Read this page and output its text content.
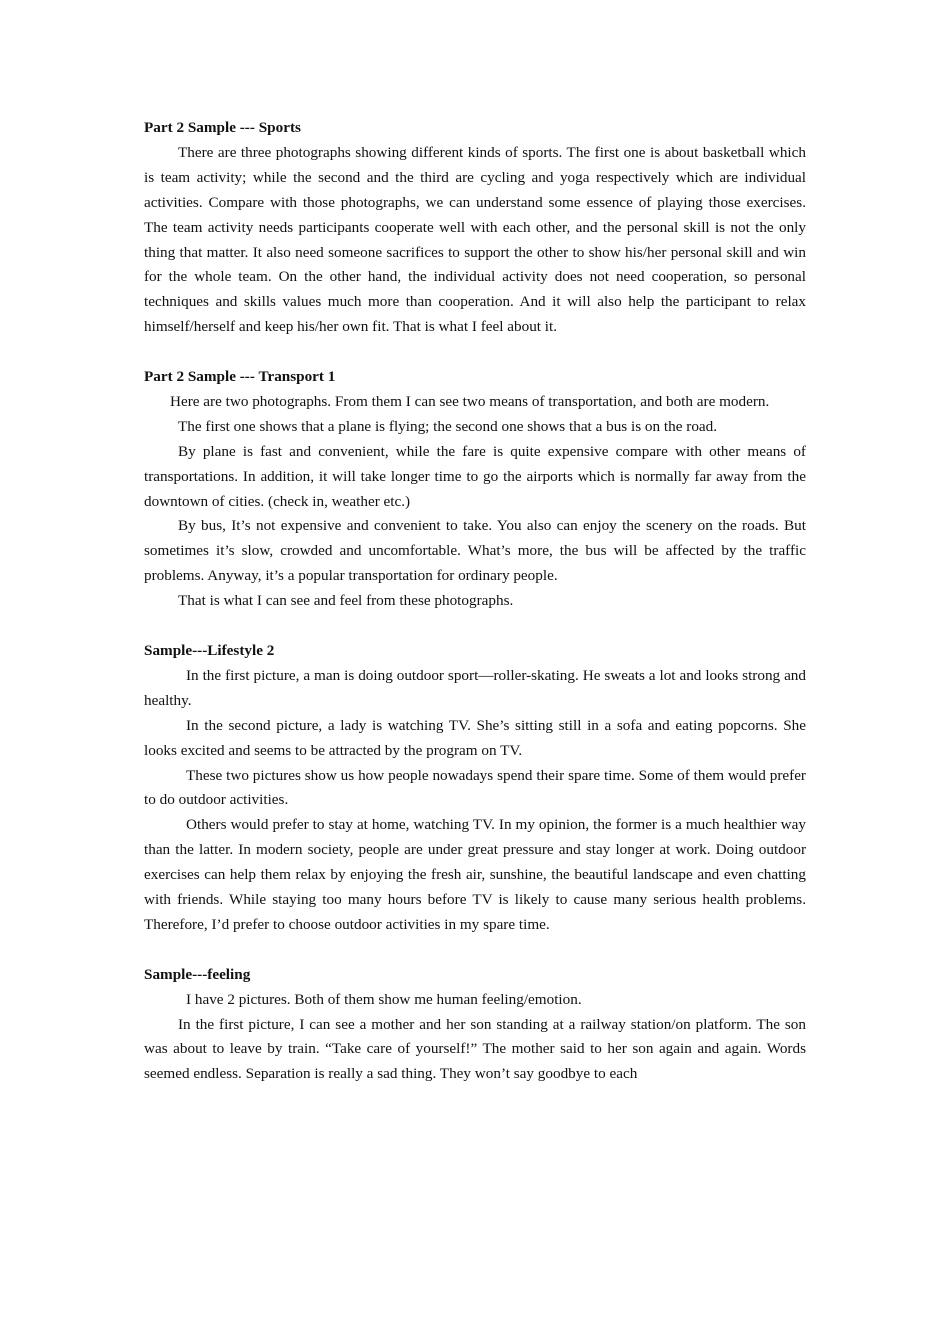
Part 2 Sample --- Sports

There are three photographs showing different kinds of sports. The first one is about basketball which is team activity; while the second and the third are cycling and yoga respectively which are individual activities. Compare with those photographs, we can understand some essence of playing those exercises. The team activity needs participants cooperate well with each other, and the personal skill is not the only thing that matter. It also need someone sacrifices to support the other to show his/her personal skill and win for the whole team. On the other hand, the individual activity does not need cooperation, so personal techniques and skills values much more than cooperation. And it will also help the participant to relax himself/herself and keep his/her own fit. That is what I feel about it.

Part 2 Sample --- Transport 1

Here are two photographs. From them I can see two means of transportation, and both are modern.

The first one shows that a plane is flying; the second one shows that a bus is on the road.

By plane is fast and convenient, while the fare is quite expensive compare with other means of transportations. In addition, it will take longer time to go the airports which is normally far away from the downtown of cities. (check in, weather etc.)

By bus, It’s not expensive and convenient to take. You also can enjoy the scenery on the roads. But sometimes it’s slow, crowded and uncomfortable. What’s more, the bus will be affected by the traffic problems. Anyway, it’s a popular transportation for ordinary people.

That is what I can see and feel from these photographs.

Sample---Lifestyle 2

In the first picture, a man is doing outdoor sport—roller-skating. He sweats a lot and looks strong and healthy.

In the second picture, a lady is watching TV. She’s sitting still in a sofa and eating popcorns. She looks excited and seems to be attracted by the program on TV.

These two pictures show us how people nowadays spend their spare time. Some of them would prefer to do outdoor activities.

Others would prefer to stay at home, watching TV. In my opinion, the former is a much healthier way than the latter. In modern society, people are under great pressure and stay longer at work. Doing outdoor exercises can help them relax by enjoying the fresh air, sunshine, the beautiful landscape and even chatting with friends. While staying too many hours before TV is likely to cause many serious health problems. Therefore, I’d prefer to choose outdoor activities in my spare time.

Sample---feeling

I have 2 pictures. Both of them show me human feeling/emotion.

In the first picture, I can see a mother and her son standing at a railway station/on platform. The son was about to leave by train. “Take care of yourself!” The mother said to her son again and again. Words seemed endless. Separation is really a sad thing. They won’t say goodbye to each
